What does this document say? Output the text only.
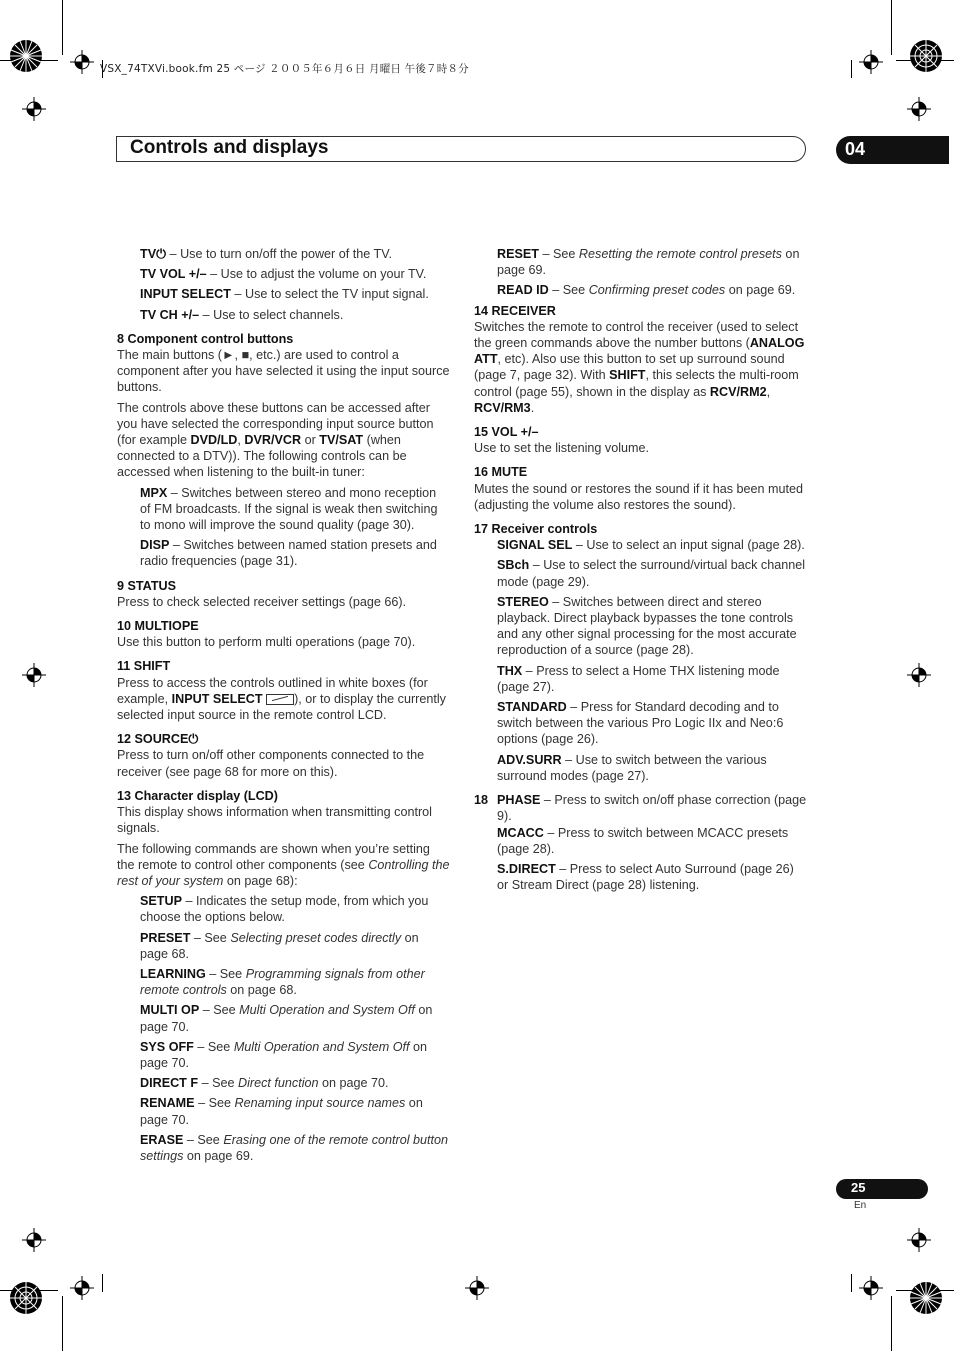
VSX_74TXVi.book.fm 25 ページ ２００５年６月６日 月曜日 午後７時８分
Controls and displays	04

TV⏻ – Use to turn on/off the power of the TV.

TV VOL +/– – Use to adjust the volume on your TV.

INPUT SELECT – Use to select the TV input signal.

TV CH +/– – Use to select channels.

8 Component control buttons

The main buttons (►, ■, etc.) are used to control a component after you have selected it using the input source buttons.

The controls above these buttons can be accessed after you have selected the corresponding input source button (for example DVD/LD, DVR/VCR or TV/SAT (when connected to a DTV)). The following controls can be accessed when listening to the built-in tuner:

MPX – Switches between stereo and mono reception of FM broadcasts. If the signal is weak then switching to mono will improve the sound quality (page 30).

DISP – Switches between named station presets and radio frequencies (page 31).

9 STATUS

Press to check selected receiver settings (page 66).

10 MULTIOPE

Use this button to perform multi operations (page 70).

11 SHIFT

Press to access the controls outlined in white boxes (for example, INPUT SELECT	), or to display the currently selected input source in the remote control LCD.

12 SOURCE⏻

Press to turn on/off other components connected to the receiver (see page 68 for more on this).

13 Character display (LCD)

This display shows information when transmitting control signals.

The following commands are shown when you’re setting the remote to control other components (see Controlling the rest of your system on page 68):

SETUP – Indicates the setup mode, from which you choose the options below.

PRESET – See Selecting preset codes directly on page 68.

LEARNING – See Programming signals from other remote controls on page 68.

MULTI OP – See Multi Operation and System Off on page 70.

SYS OFF – See Multi Operation and System Off on page 70.

DIRECT F – See Direct function on page 70.

RENAME – See Renaming input source names on page 70.

ERASE – See Erasing one of the remote control button settings on page 69.

RESET – See Resetting the remote control presets on page 69.

READ ID – See Confirming preset codes on page 69.

14 RECEIVER

Switches the remote to control the receiver (used to select the green commands above the number buttons (ANALOG ATT, etc). Also use this button to set up surround sound (page 7, page 32). With SHIFT, this selects the multi-room control (page 55), shown in the display as RCV/RM2, RCV/RM3.

15 VOL +/–

Use to set the listening volume.

16 MUTE

Mutes the sound or restores the sound if it has been muted (adjusting the volume also restores the sound).

17 Receiver controls

SIGNAL SEL – Use to select an input signal (page 28).

SBch – Use to select the surround/virtual back channel mode (page 29).

STEREO – Switches between direct and stereo playback. Direct playback bypasses the tone controls and any other signal processing for the most accurate reproduction of a source (page 28).

THX – Press to select a Home THX listening mode (page 27).

STANDARD – Press for Standard decoding and to switch between the various Pro Logic IIx and Neo:6 options (page 26).

ADV.SURR – Use to switch between the various surround modes (page 27).

18 PHASE – Press to switch on/off phase correction (page 9).

MCACC – Press to switch between MCACC presets (page 28).

S.DIRECT – Press to select Auto Surround (page 26) or Stream Direct (page 28) listening.

25
En
